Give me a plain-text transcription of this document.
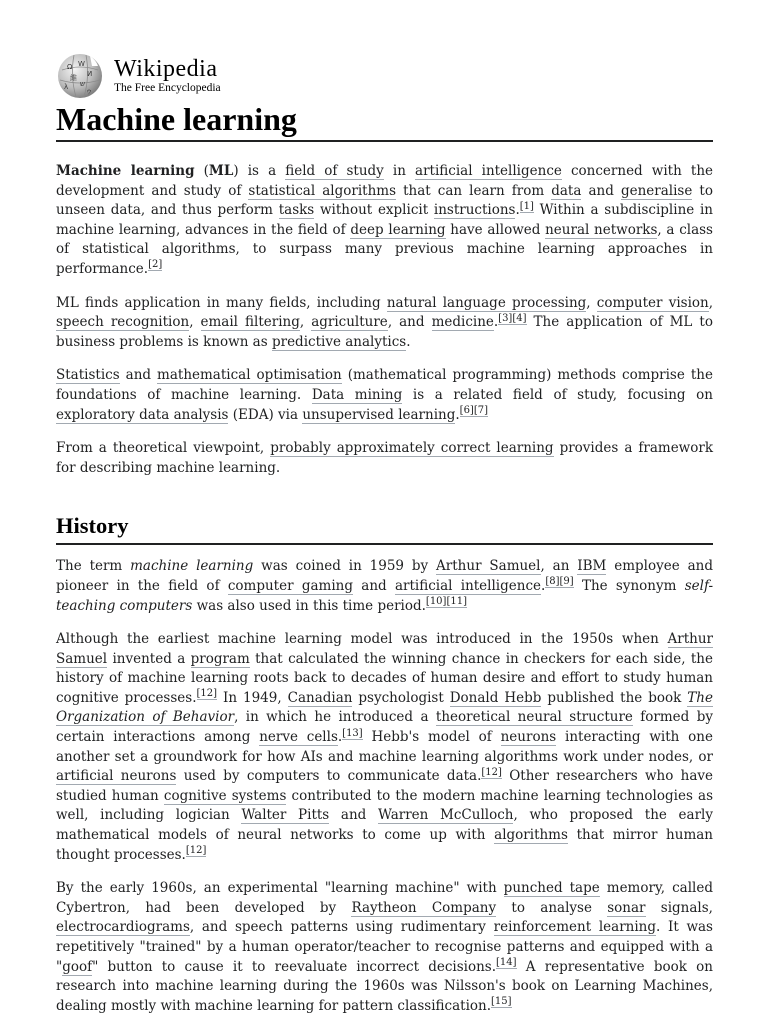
Ω W
И
維
ש
λ
ウ
Wikipedia
The Free Encyclopedia
Machine learning

Machine learning (ML) is a field of study in artificial intelligence concerned with the development and study of statistical algorithms that can learn from data and generalise to unseen data, and thus perform tasks without explicit instructions.[1] Within a subdiscipline in machine learning, advances in the field of deep learning have allowed neural networks, a class of statistical algorithms, to surpass many previous machine learning approaches in performance.[2]

ML finds application in many fields, including natural language processing, computer vision, speech recognition, email filtering, agriculture, and medicine.[3][4] The application of ML to business problems is known as predictive analytics.

Statistics and mathematical optimisation (mathematical programming) methods comprise the foundations of machine learning. Data mining is a related field of study, focusing on exploratory data analysis (EDA) via unsupervised learning.[6][7]

From a theoretical viewpoint, probably approximately correct learning provides a framework for describing machine learning.

History

The term machine learning was coined in 1959 by Arthur Samuel, an IBM employee and pioneer in the field of computer gaming and artificial intelligence.[8][9] The synonym self-teaching computers was also used in this time period.[10][11]

Although the earliest machine learning model was introduced in the 1950s when Arthur Samuel invented a program that calculated the winning chance in checkers for each side, the history of machine learning roots back to decades of human desire and effort to study human cognitive processes.[12] In 1949, Canadian psychologist Donald Hebb published the book The Organization of Behavior, in which he introduced a theoretical neural structure formed by certain interactions among nerve cells.[13] Hebb's model of neurons interacting with one another set a groundwork for how AIs and machine learning algorithms work under nodes, or artificial neurons used by computers to communicate data.[12] Other researchers who have studied human cognitive systems contributed to the modern machine learning technologies as well, including logician Walter Pitts and Warren McCulloch, who proposed the early mathematical models of neural networks to come up with algorithms that mirror human thought processes.[12]

By the early 1960s, an experimental "learning machine" with punched tape memory, called Cybertron, had been developed by Raytheon Company to analyse sonar signals, electrocardiograms, and speech patterns using rudimentary reinforcement learning. It was repetitively "trained" by a human operator/teacher to recognise patterns and equipped with a "goof" button to cause it to reevaluate incorrect decisions.[14] A representative book on research into machine learning during the 1960s was Nilsson's book on Learning Machines, dealing mostly with machine learning for pattern classification.[15]
